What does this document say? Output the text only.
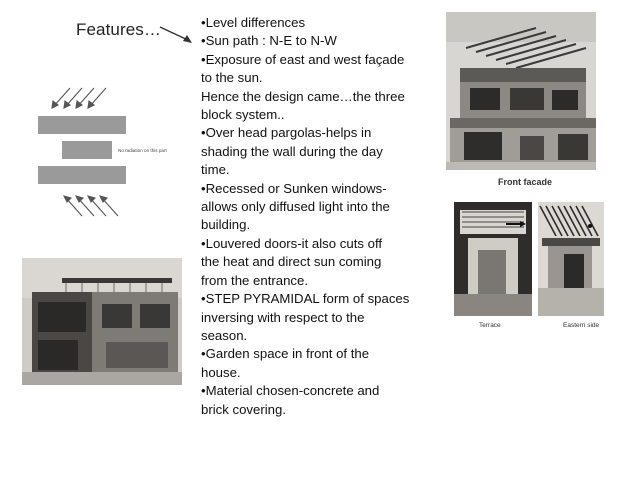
Features…	•Level differences
•Sun path : N-E to N-W
•Exposure of east and west façade
to the sun.
Hence the design came…the three
block system..
•Over head pargolas-helps in
shading the wall during the day
time.
•Recessed or Sunken windows-
allows only diffused light into the
building.
•Louvered doors-it also cuts off
the heat and direct sun coming
from the entrance.
•STEP PYRAMIDAL form of spaces
inversing with respect to the
season.
•Garden space in front of the
house.
•Material chosen-concrete and
brick covering.
No radiation on this part
Front facade
Terrace	Eastern side
